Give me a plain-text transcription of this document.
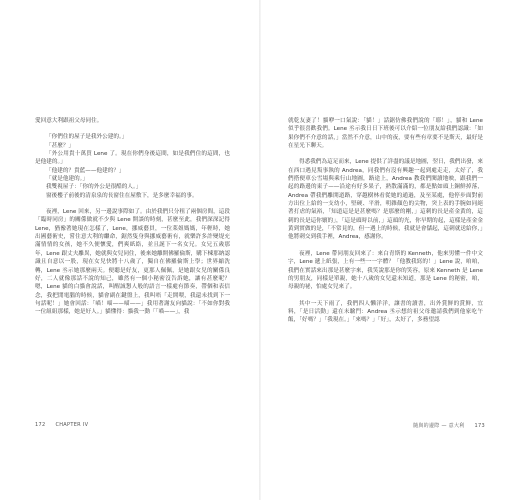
愛回意大利跟祖父母同住。

「你們住的屋子是我外公建的。」

「甚麼？」

「外公用貴十萬買 Lene 了。現在你們身後這間，如是我們住的這間，也是他建的。」

「他建的？貴藍——他建的？」

「就是他建的。」

我雙視屋子：「你的外公是很酷的人。」

窗後樓子前後的清泉泉的長窗住在屋敷下，是多麼幸福的事。

夜裡，Lene 回來，另一邊說事際如了。由於我們只分租了兩個房間，這段「臨時同房」的關係做就不少與 Lene 開談的時刻，甚麼至此，我們深深記得 Lene，猶豫著她現在怎樣了，Lene，挪威藝員，一位莱姐媽媽，年輕時，她出國藝術史，嘗住意大利的繼命，鋸然隻身與挪威藝術有，就樂許多許變堤充滿情情的女孩，她不久便懷愛，們爽紙絡，並且誕下一名女兄。女兄五歲那年，Lene 跟丈夫離異，她就與女兒同住，後來她離開佛羅倫斯，購下棟那納認識且自意以一股，現在女兒快將十八歲了，獨自在佛羅倫斯上學；世界縮洗轉，Lene 丞示她那麼兩天。便聽是好友，更那人佩佩，是她跟女兒的關係良好，二人就像那話不說的知己，雖然有一個小秘密沒告訴她，讓有甚麼呢？嗯，Lene 貓的白貓會說話，叫醒誠懇人般的語言一樣處有節奏，帶個和表信念，我把閒電腦的時候，貓會副在鍵盤上，我叫唔「走開喂，我還未找到下一句話呢！」她會回話：「喵！喵——喵——」我用著謝友向貓說：「不如你對我一位組組那樣，她是好人。」貓懂得：貓我一動「「喵——」，我

就乾友妻了！貓咿一口氣說：「貓！」話鋸仿佛我們說的「耶！」，貓和 Lene 似乎很喜歡我們。Lene 丞示我日日下班後可以介紹一位朋友給我們認識：「如果你們不介意的話，」當然不介意，山中的夜，要有些有章要不是斯天，最好是在星光下聊天。

得悉我們為這足而來，Lene 提供了詳盡的議是地圖，翌日，我們出發，來在西口遇見叛事執的 Andrea，同我們有沒有興趣一起到處走走，太好了，我們搭便車公雪場與乘行山地圖，路途上，Andrea 教我們閱讀地映，跟我們一起的路邊的東子——沿途有好多果子，熟散滿滿的，都是點如頭上銅鮮掉落，Andrea 帶我們離開道路，穿越樹林看從她的通過，及至某處，他停步面對前方出位上給的一支幼小，堅硬、平滑，明雜顏色的尖物，突上表的手腕如同絕著打虐的氣裕，「知道這是是甚麼嗎？是那麼的剛，」這刺的長是產金黃的，這刺的長是這你嬪的」，「這是頭時以前，」這頭的光，你早期的起，這樣是產金金黃到實做的是，「不常見的，但一遇上的時候，我就是會儲起，這刺就送給你，」他將刺交到我手裡，Andrea，感謝你。

夜裡，Lene 帶同朋友回來了：來白青斯的 Kenneth，他來男懂一件中文字，Lene 遞上紙張，上有一些一一字體？「他教我寫的！」Lene 說，咱咱，我們在實話來出那是甚麼字來，我笑說那是你的笑容，原來 Kenneth 是 Lene 的男朋友，同樣是單親，她十八歲的女兒還未知道，那是 Lene 的秘密，咱，母親的祕，怕處女兒來了。

其中一天下雨了，我們四人懶洋洋，讓書的讀書，出外賞鮮的賞鮮，宜料，「是日活動」還在未驗門：Andrea 丞示想約祖父母邀請我們到他家吃午飯，「好嗎？」「我現在。」「來嗎？」「好」，太好了，多務望認

172 CHAPTER IV	隨與的邊際 — 意大利 173
